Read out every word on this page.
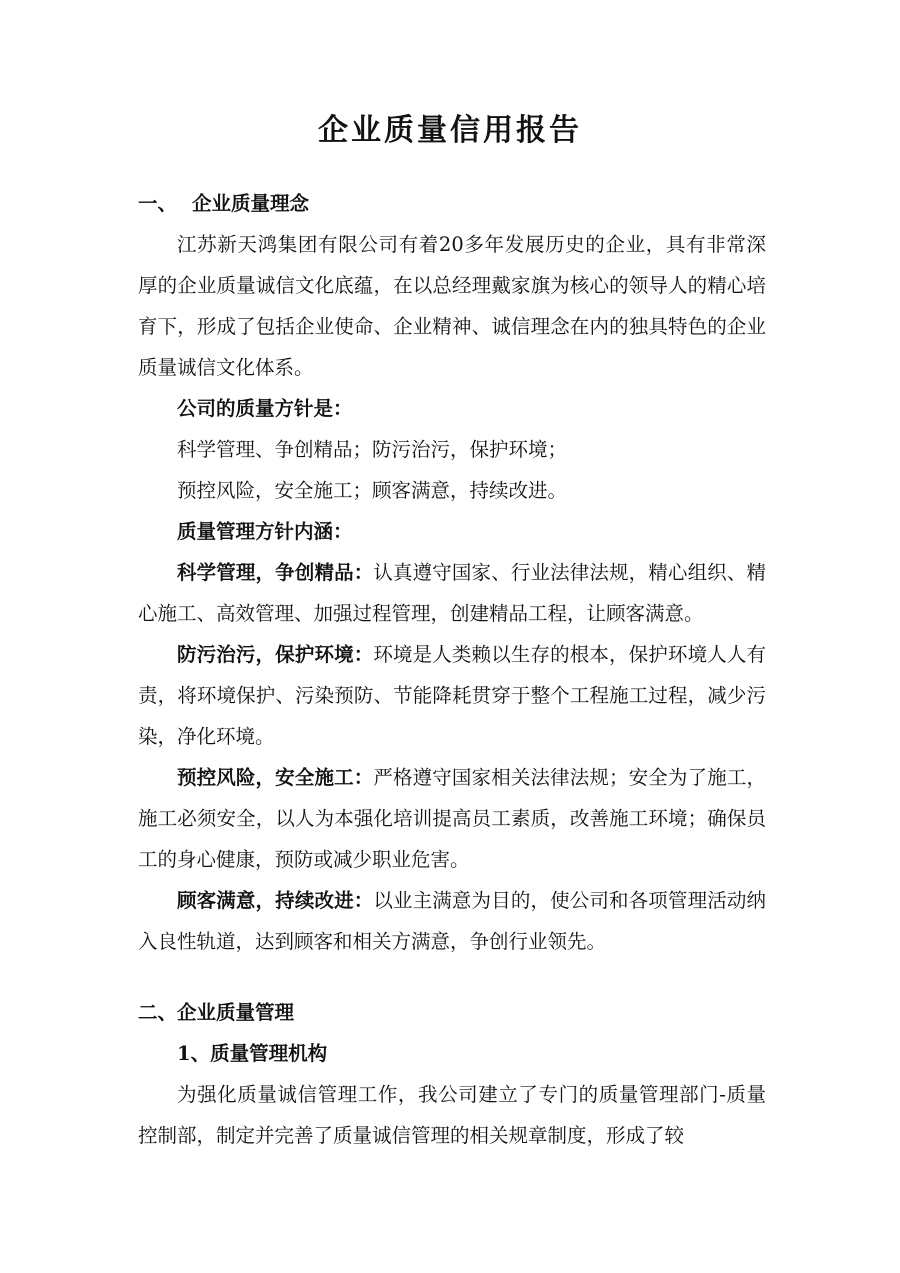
企业质量信用报告

一、 企业质量理念

江苏新天鸿集团有限公司有着20多年发展历史的企业，具有非常深厚的企业质量诚信文化底蕴，在以总经理戴家旗为核心的领导人的精心培育下，形成了包括企业使命、企业精神、诚信理念在内的独具特色的企业质量诚信文化体系。

公司的质量方针是：

科学管理、争创精品；防污治污，保护环境；

预控风险，安全施工；顾客满意，持续改进。

质量管理方针内涵：

科学管理，争创精品：认真遵守国家、行业法律法规，精心组织、精心施工、高效管理、加强过程管理，创建精品工程，让顾客满意。

防污治污，保护环境：环境是人类赖以生存的根本，保护环境人人有责，将环境保护、污染预防、节能降耗贯穿于整个工程施工过程，减少污染，净化环境。

预控风险，安全施工：严格遵守国家相关法律法规；安全为了施工，施工必须安全，以人为本强化培训提高员工素质，改善施工环境；确保员工的身心健康，预防或减少职业危害。

顾客满意，持续改进：以业主满意为目的，使公司和各项管理活动纳入良性轨道，达到顾客和相关方满意，争创行业领先。

二、企业质量管理

1、质量管理机构

为强化质量诚信管理工作，我公司建立了专门的质量管理部门-质量控制部，制定并完善了质量诚信管理的相关规章制度，形成了较
